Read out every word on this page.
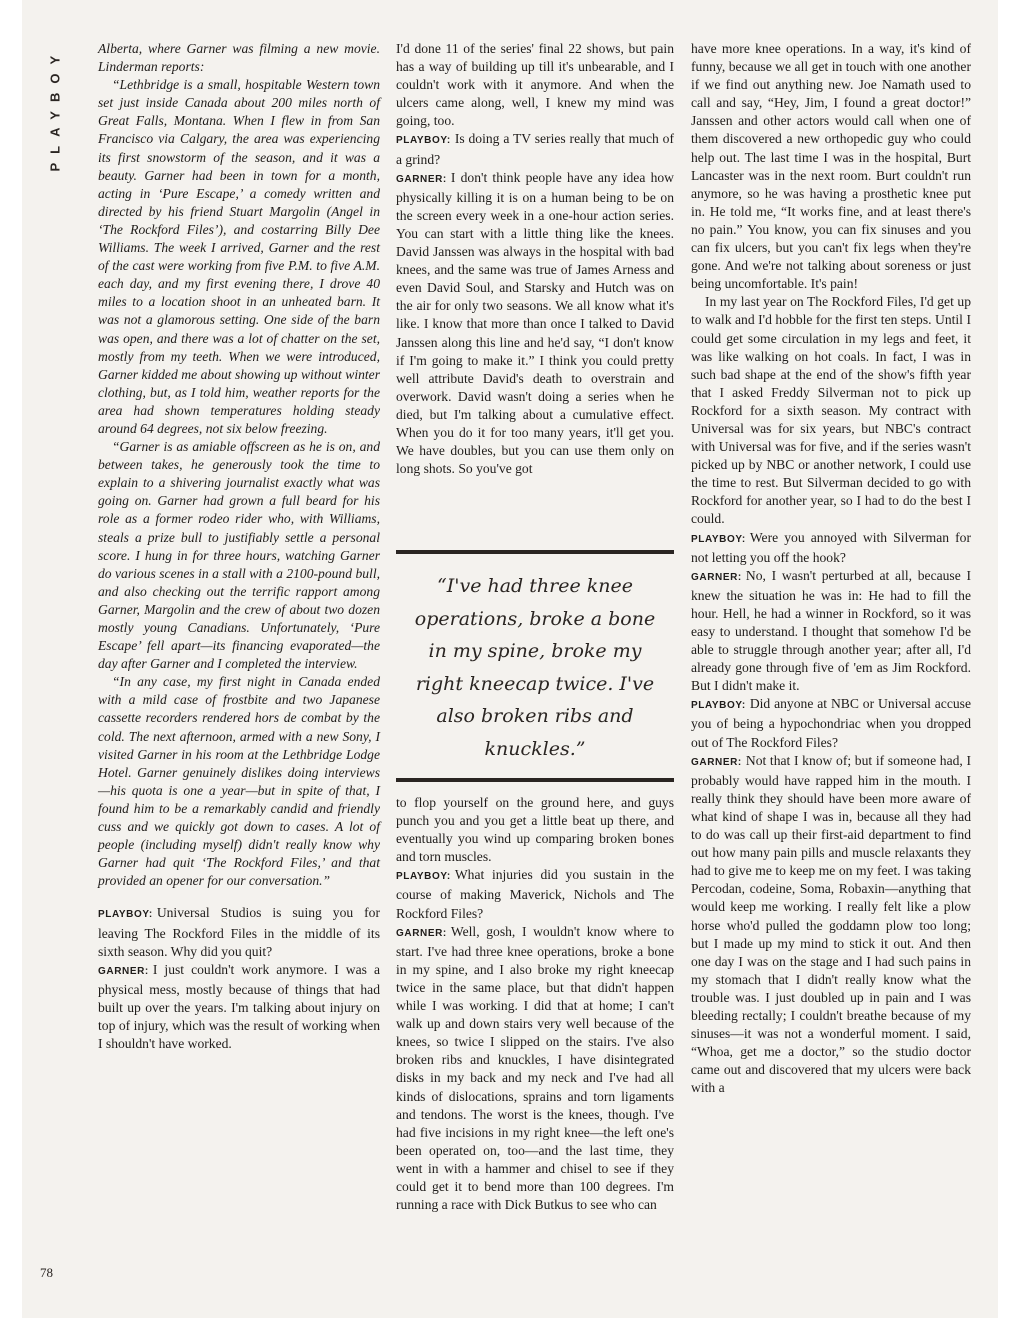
PLAYBOY	Alberta, where Garner was filming a new movie. Linderman reports:

“Lethbridge is a small, hospitable Western town set just inside Canada about 200 miles north of Great Falls, Montana. When I flew in from San Francisco via Calgary, the area was experiencing its first snowstorm of the season, and it was a beauty. Garner had been in town for a month, acting in ‘Pure Escape,’ a comedy written and directed by his friend Stuart Margolin (Angel in ‘The Rockford Files’), and costarring Billy Dee Williams. The week I arrived, Garner and the rest of the cast were working from five P.M. to five A.M. each day, and my first evening there, I drove 40 miles to a location shoot in an unheated barn. It was not a glamorous setting. One side of the barn was open, and there was a lot of chatter on the set, mostly from my teeth. When we were introduced, Garner kidded me about showing up without winter clothing, but, as I told him, weather reports for the area had shown temperatures holding steady around 64 degrees, not six below freezing.

“Garner is as amiable offscreen as he is on, and between takes, he generously took the time to explain to a shivering journalist exactly what was going on. Garner had grown a full beard for his role as a former rodeo rider who, with Williams, steals a prize bull to justifiably settle a personal score. I hung in for three hours, watching Garner do various scenes in a stall with a 2100-pound bull, and also checking out the terrific rapport among Garner, Margolin and the crew of about two dozen mostly young Canadians. Unfortunately, ‘Pure Escape’ fell apart—its financing evaporated—the day after Garner and I completed the interview.

“In any case, my first night in Canada ended with a mild case of frostbite and two Japanese cassette recorders rendered hors de combat by the cold. The next afternoon, armed with a new Sony, I visited Garner in his room at the Lethbridge Lodge Hotel. Garner genuinely dislikes doing interviews—his quota is one a year—but in spite of that, I found him to be a remarkably candid and friendly cuss and we quickly got down to cases. A lot of people (including myself) didn't really know why Garner had quit ‘The Rockford Files,’ and that provided an opener for our conversation.”

PLAYBOY: Universal Studios is suing you for leaving The Rockford Files in the middle of its sixth season. Why did you quit?

GARNER: I just couldn't work anymore. I was a physical mess, mostly because of things that had built up over the years. I'm talking about injury on top of injury, which was the result of working when I shouldn't have worked.

I'd done 11 of the series' final 22 shows, but pain has a way of building up till it's unbearable, and I couldn't work with it anymore. And when the ulcers came along, well, I knew my mind was going, too.

PLAYBOY: Is doing a TV series really that much of a grind?

GARNER: I don't think people have any idea how physically killing it is on a human being to be on the screen every week in a one-hour action series. You can start with a little thing like the knees. David Janssen was always in the hospital with bad knees, and the same was true of James Arness and even David Soul, and Starsky and Hutch was on the air for only two seasons. We all know what it's like. I know that more than once I talked to David Janssen along this line and he'd say, “I don't know if I'm going to make it.” I think you could pretty well attribute David's death to overstrain and overwork. David wasn't doing a series when he died, but I'm talking about a cumulative effect. When you do it for too many years, it'll get you. We have doubles, but you can use them only on long shots. So you've got

“I've had three knee operations, broke a bone in my spine, broke my right kneecap twice. I've also broken ribs and knuckles.”

to flop yourself on the ground here, and guys punch you and you get a little beat up there, and eventually you wind up comparing broken bones and torn muscles.

PLAYBOY: What injuries did you sustain in the course of making Maverick, Nichols and The Rockford Files?

GARNER: Well, gosh, I wouldn't know where to start. I've had three knee operations, broke a bone in my spine, and I also broke my right kneecap twice in the same place, but that didn't happen while I was working. I did that at home; I can't walk up and down stairs very well because of the knees, so twice I slipped on the stairs. I've also broken ribs and knuckles, I have disintegrated disks in my back and my neck and I've had all kinds of dislocations, sprains and torn ligaments and tendons. The worst is the knees, though. I've had five incisions in my right knee—the left one's been operated on, too—and the last time, they went in with a hammer and chisel to see if they could get it to bend more than 100 degrees. I'm running a race with Dick Butkus to see who can

have more knee operations. In a way, it's kind of funny, because we all get in touch with one another if we find out anything new. Joe Namath used to call and say, “Hey, Jim, I found a great doctor!” Janssen and other actors would call when one of them discovered a new orthopedic guy who could help out. The last time I was in the hospital, Burt Lancaster was in the next room. Burt couldn't run anymore, so he was having a prosthetic knee put in. He told me, “It works fine, and at least there's no pain.” You know, you can fix sinuses and you can fix ulcers, but you can't fix legs when they're gone. And we're not talking about soreness or just being uncomfortable. It's pain!

In my last year on The Rockford Files, I'd get up to walk and I'd hobble for the first ten steps. Until I could get some circulation in my legs and feet, it was like walking on hot coals. In fact, I was in such bad shape at the end of the show's fifth year that I asked Freddy Silverman not to pick up Rockford for a sixth season. My contract with Universal was for six years, but NBC's contract with Universal was for five, and if the series wasn't picked up by NBC or another network, I could use the time to rest. But Silverman decided to go with Rockford for another year, so I had to do the best I could.

PLAYBOY: Were you annoyed with Silverman for not letting you off the hook?

GARNER: No, I wasn't perturbed at all, because I knew the situation he was in: He had to fill the hour. Hell, he had a winner in Rockford, so it was easy to understand. I thought that somehow I'd be able to struggle through another year; after all, I'd already gone through five of 'em as Jim Rockford. But I didn't make it.

PLAYBOY: Did anyone at NBC or Universal accuse you of being a hypochondriac when you dropped out of The Rockford Files?

GARNER: Not that I know of; but if someone had, I probably would have rapped him in the mouth. I really think they should have been more aware of what kind of shape I was in, because all they had to do was call up their first-aid department to find out how many pain pills and muscle relaxants they had to give me to keep me on my feet. I was taking Percodan, codeine, Soma, Robaxin—anything that would keep me working. I really felt like a plow horse who'd pulled the goddamn plow too long; but I made up my mind to stick it out. And then one day I was on the stage and I had such pains in my stomach that I didn't really know what the trouble was. I just doubled up in pain and I was bleeding rectally; I couldn't breathe because of my sinuses—it was not a wonderful moment. I said, “Whoa, get me a doctor,” so the studio doctor came out and discovered that my ulcers were back with a

78
